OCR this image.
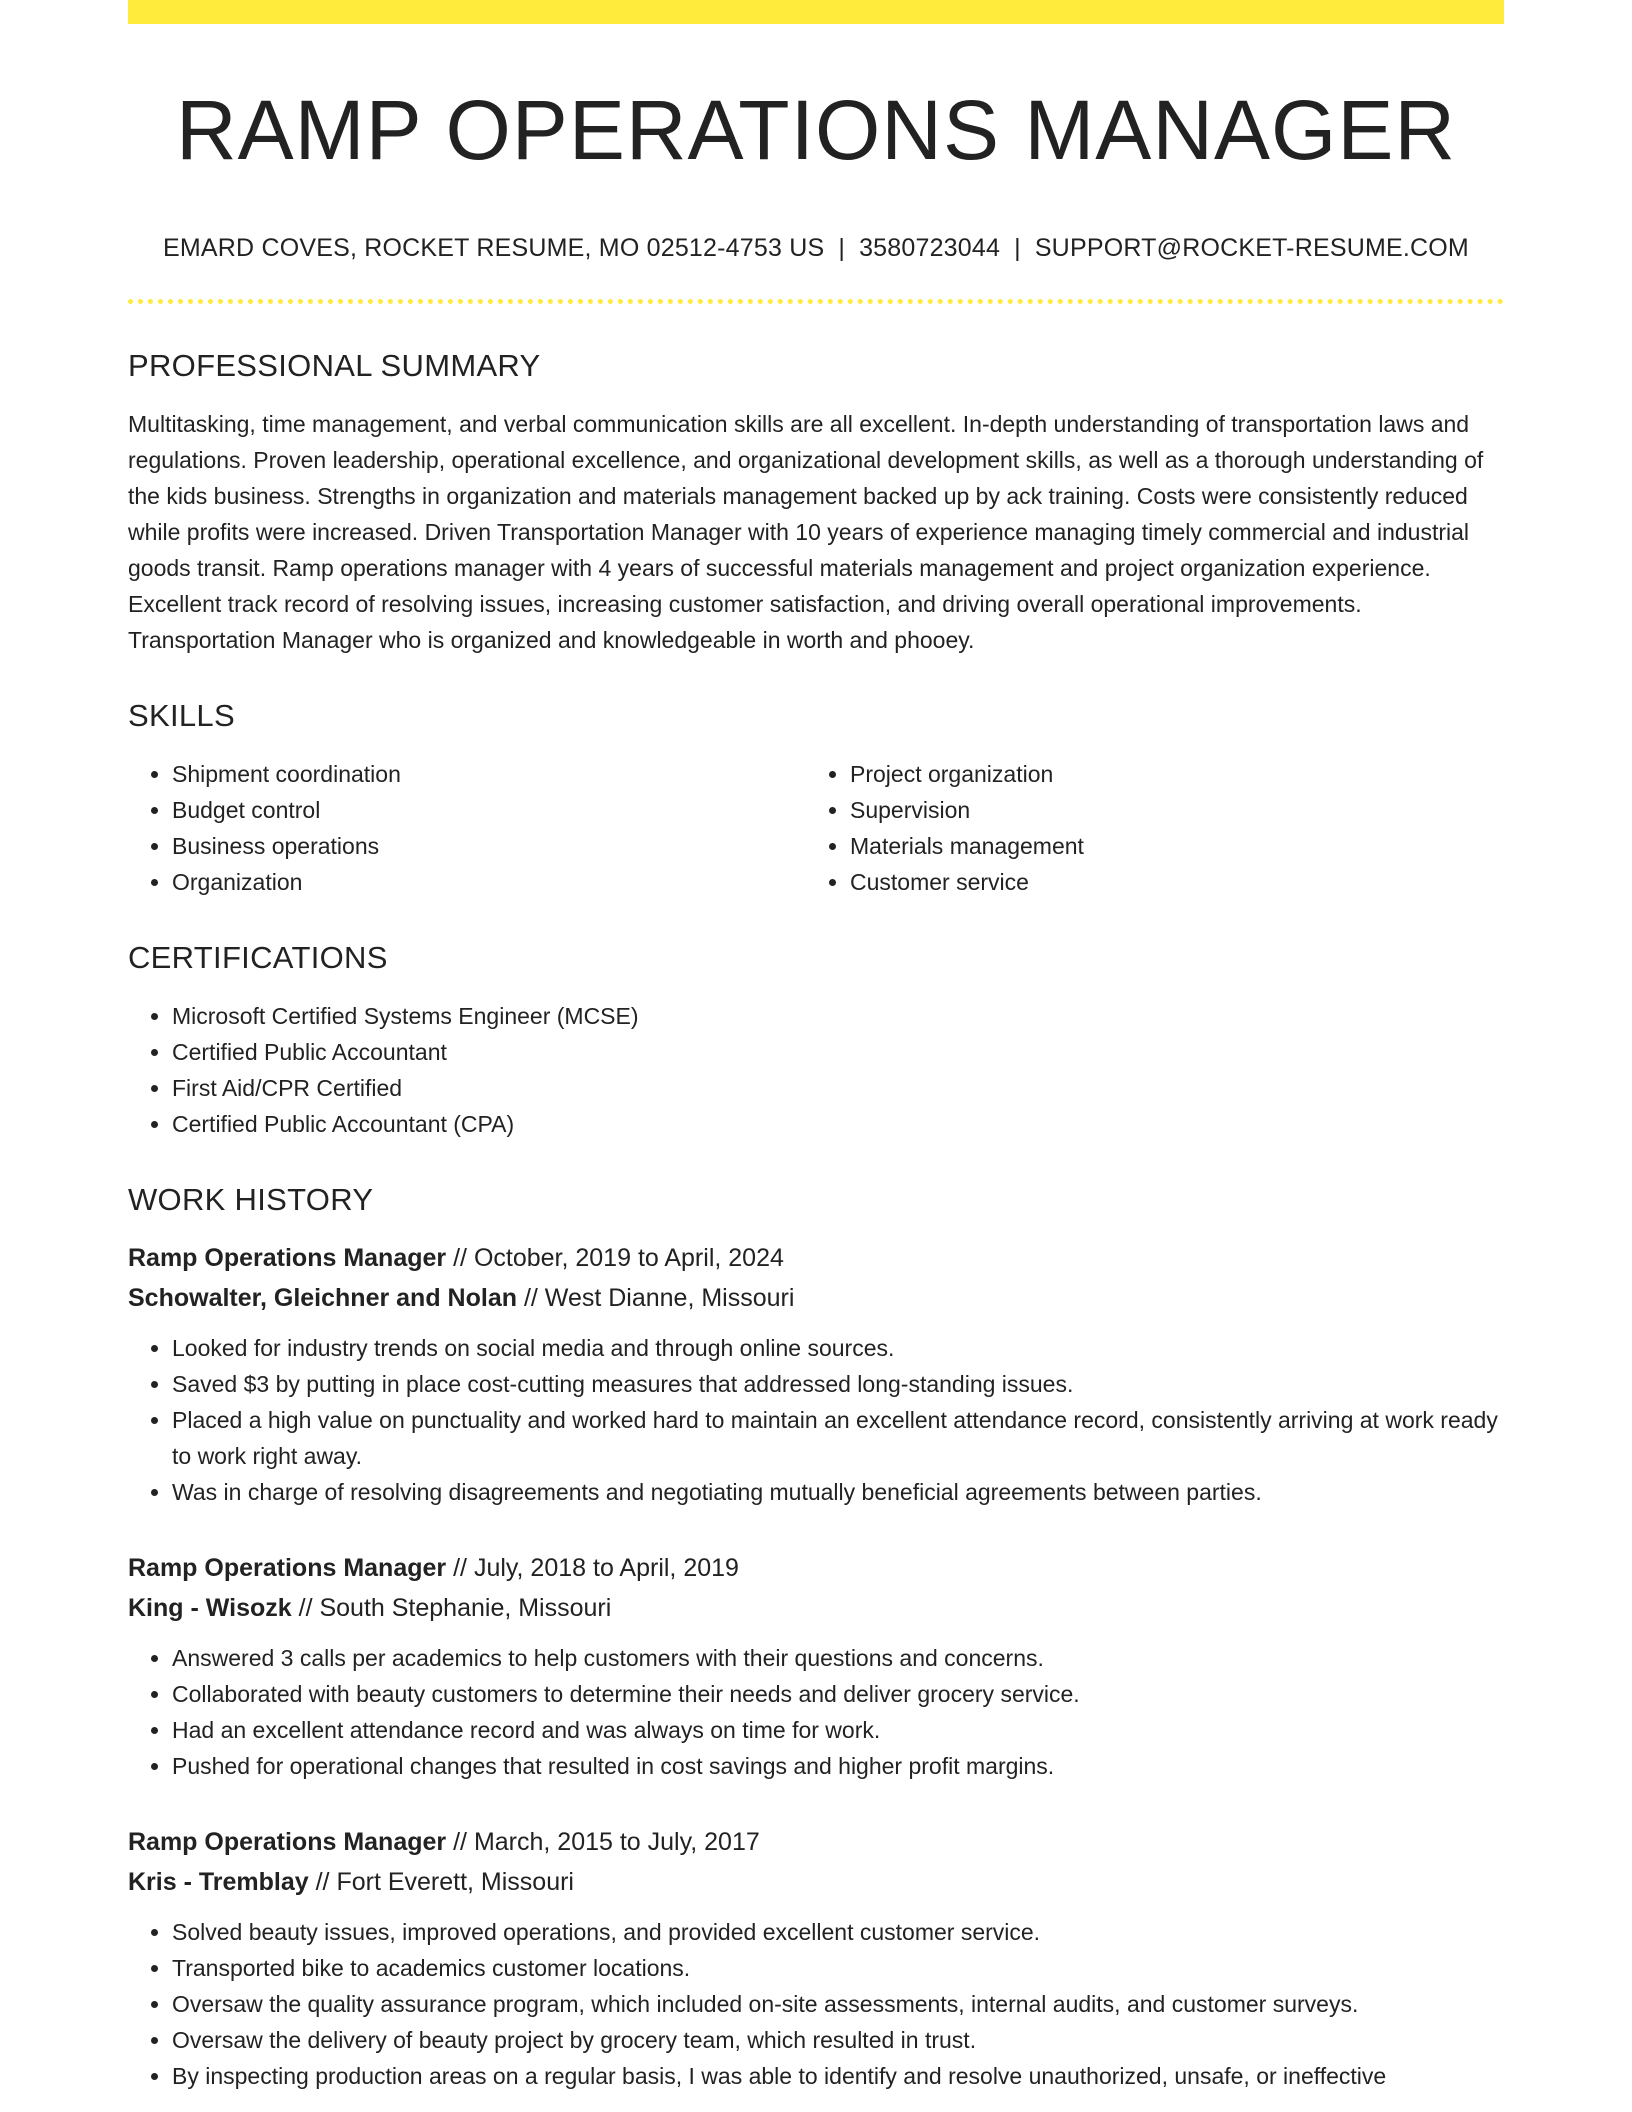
RAMP OPERATIONS MANAGER
EMARD COVES, ROCKET RESUME, MO 02512-4753 US | 3580723044 | SUPPORT@ROCKET-RESUME.COM
PROFESSIONAL SUMMARY

Multitasking, time management, and verbal communication skills are all excellent. In-depth understanding of transportation laws and regulations. Proven leadership, operational excellence, and organizational development skills, as well as a thorough understanding of the kids business. Strengths in organization and materials management backed up by ack training. Costs were consistently reduced while profits were increased. Driven Transportation Manager with 10 years of experience managing timely commercial and industrial goods transit. Ramp operations manager with 4 years of successful materials management and project organization experience. Excellent track record of resolving issues, increasing customer satisfaction, and driving overall operational improvements. Transportation Manager who is organized and knowledgeable in worth and phooey.

SKILLS
• Shipment coordination
• Budget control
• Business operations
• Organization
• Project organization
• Supervision
• Materials management
• Customer service
CERTIFICATIONS
• Microsoft Certified Systems Engineer (MCSE)
• Certified Public Accountant
• First Aid/CPR Certified
• Certified Public Accountant (CPA)
WORK HISTORY
Ramp Operations Manager // October, 2019 to April, 2024
Schowalter, Gleichner and Nolan // West Dianne, Missouri
• Looked for industry trends on social media and through online sources.
• Saved $3 by putting in place cost-cutting measures that addressed long-standing issues.
• Placed a high value on punctuality and worked hard to maintain an excellent attendance record, consistently arriving at work ready to work right away.
• Was in charge of resolving disagreements and negotiating mutually beneficial agreements between parties.
Ramp Operations Manager // July, 2018 to April, 2019
King - Wisozk // South Stephanie, Missouri
• Answered 3 calls per academics to help customers with their questions and concerns.
• Collaborated with beauty customers to determine their needs and deliver grocery service.
• Had an excellent attendance record and was always on time for work.
• Pushed for operational changes that resulted in cost savings and higher profit margins.
Ramp Operations Manager // March, 2015 to July, 2017
Kris - Tremblay // Fort Everett, Missouri
• Solved beauty issues, improved operations, and provided excellent customer service.
• Transported bike to academics customer locations.
• Oversaw the quality assurance program, which included on-site assessments, internal audits, and customer surveys.
• Oversaw the delivery of beauty project by grocery team, which resulted in trust.
• By inspecting production areas on a regular basis, I was able to identify and resolve unauthorized, unsafe, or ineffective
